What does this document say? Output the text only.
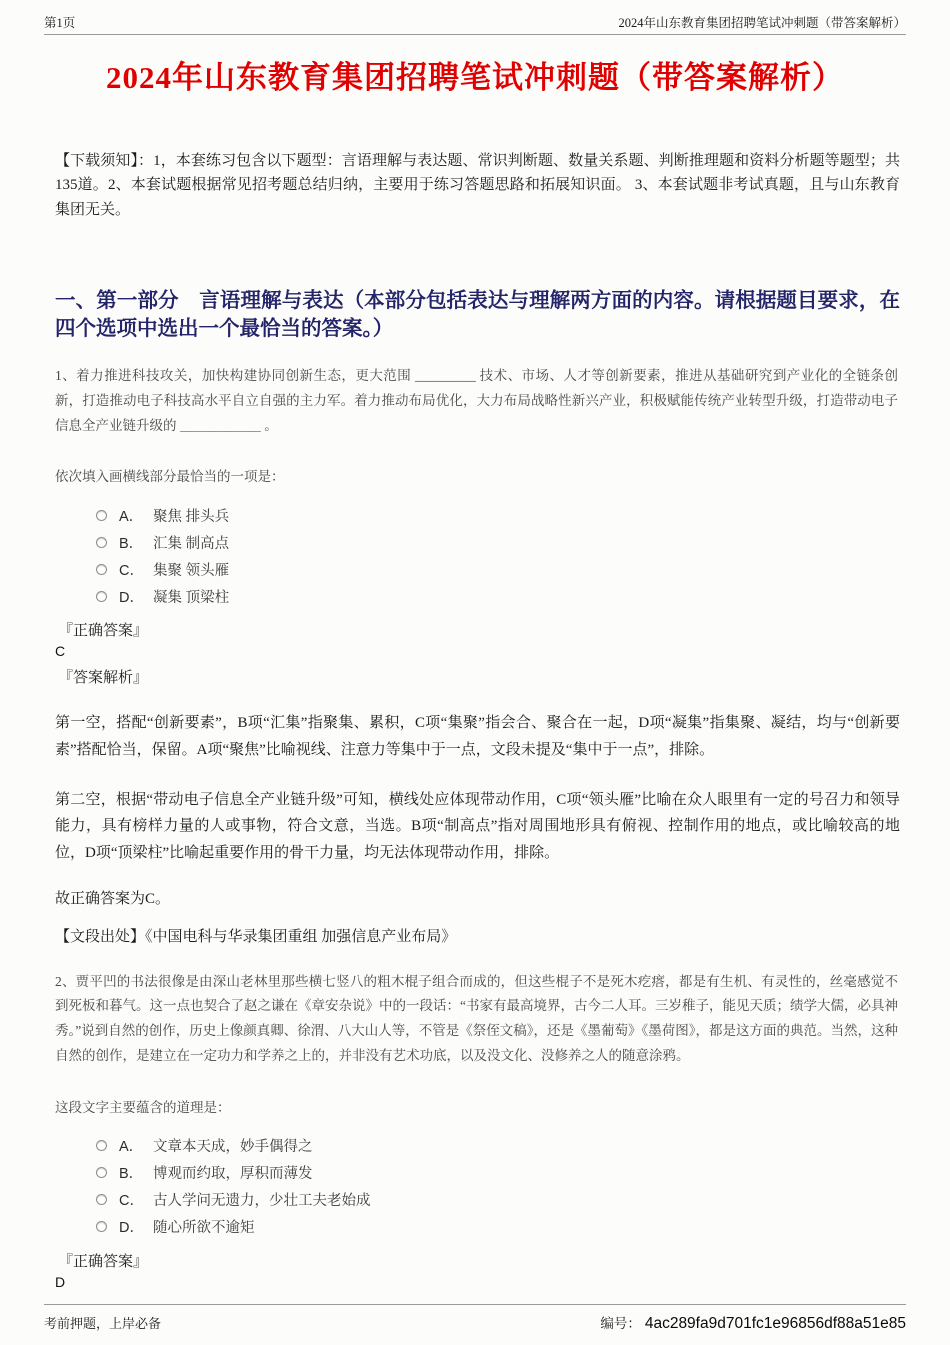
第1页	2024年山东教育集团招聘笔试冲刺题（带答案解析）
2024年山东教育集团招聘笔试冲刺题（带答案解析）

【下载须知】：1，本套练习包含以下题型：言语理解与表达题、常识判断题、数量关系题、判断推理题和资料分析题等题型；共135道。2、本套试题根据常见招考题总结归纳，主要用于练习答题思路和拓展知识面。 3、本套试题非考试真题，且与山东教育集团无关。

一、第一部分　言语理解与表达（本部分包括表达与理解两方面的内容。请根据题目要求，在四个选项中选出一个最恰当的答案。）

1、着力推进科技攻关，加快构建协同创新生态，更大范围 _________ 技术、市场、人才等创新要素，推进从基础研究到产业化的全链条创新，打造推动电子科技高水平自立自强的主力军。着力推动布局优化，大力布局战略性新兴产业，积极赋能传统产业转型升级，打造带动电子信息全产业链升级的 ＿＿＿＿＿＿ 。

依次填入画横线部分最恰当的一项是：

A． 聚焦 排头兵
B． 汇集 制高点
C． 集聚 领头雁
D． 凝集 顶梁柱

『正确答案』

C

『答案解析』

第一空，搭配“创新要素”，B项“汇集”指聚集、累积，C项“集聚”指会合、聚合在一起，D项“凝集”指集聚、凝结，均与“创新要素”搭配恰当，保留。A项“聚焦”比喻视线、注意力等集中于一点，文段未提及“集中于一点”，排除。

第二空，根据“带动电子信息全产业链升级”可知，横线处应体现带动作用，C项“领头雁”比喻在众人眼里有一定的号召力和领导能力，具有榜样力量的人或事物，符合文意，当选。B项“制高点”指对周围地形具有俯视、控制作用的地点，或比喻较高的地位，D项“顶梁柱”比喻起重要作用的骨干力量，均无法体现带动作用，排除。

故正确答案为C。

【文段出处】《中国电科与华录集团重组 加强信息产业布局》

2、贾平凹的书法很像是由深山老林里那些横七竖八的粗木棍子组合而成的，但这些棍子不是死木疙瘩，都是有生机、有灵性的，丝毫感觉不到死板和暮气。这一点也契合了赵之谦在《章安杂说》中的一段话：“书家有最高境界，古今二人耳。三岁稚子，能见天质；绩学大儒，必具神秀。”说到自然的创作，历史上像颜真卿、徐渭、八大山人等，不管是《祭侄文稿》，还是《墨葡萄》《墨荷图》，都是这方面的典范。当然，这种自然的创作，是建立在一定功力和学养之上的，并非没有艺术功底，以及没文化、没修养之人的随意涂鸦。

这段文字主要蕴含的道理是：

A． 文章本天成，妙手偶得之
B． 博观而约取，厚积而薄发
C． 古人学问无遗力，少壮工夫老始成
D． 随心所欲不逾矩

『正确答案』

D

考前押题，上岸必备	编号： 4ac289fa9d701fc1e96856df88a51e85
